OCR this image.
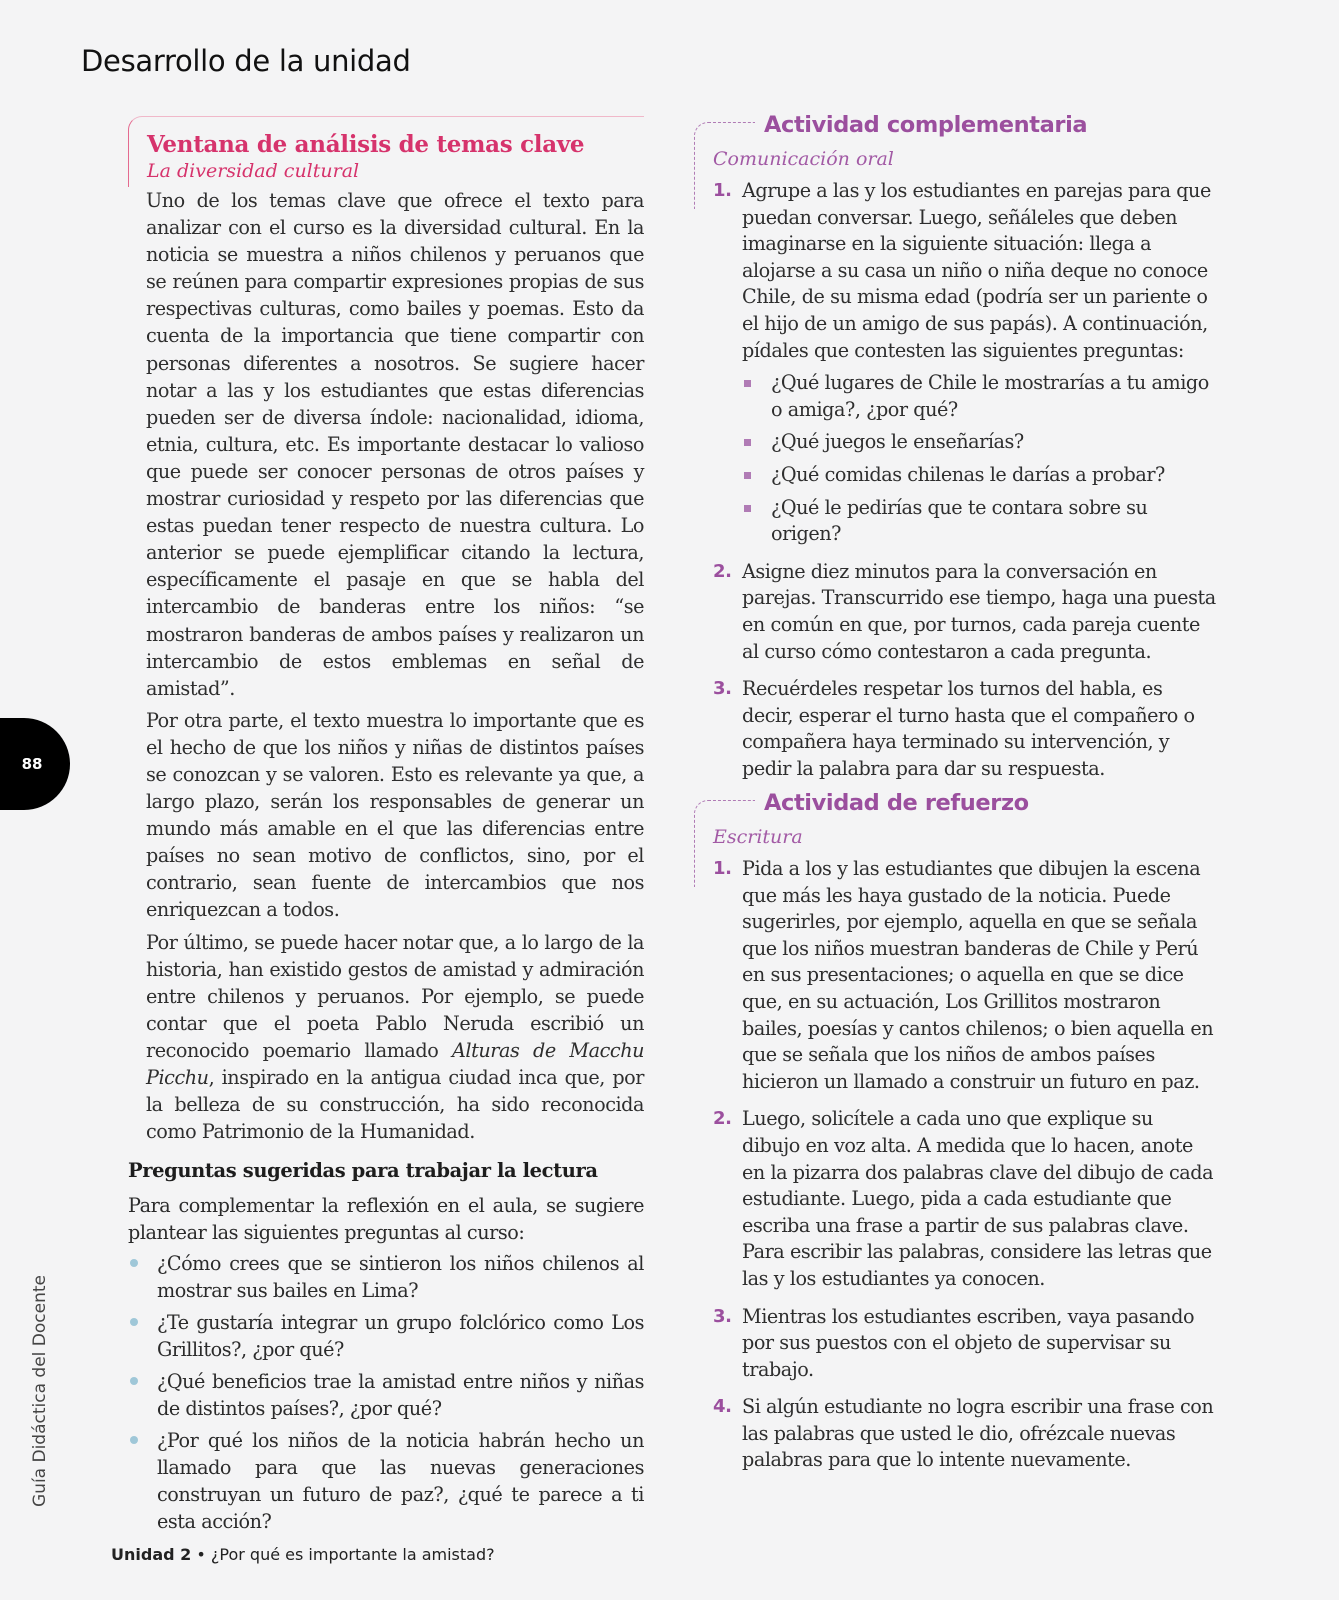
Desarrollo de la unidad
88
Guía Didáctica del Docente
Unidad 2 • ¿Por qué es importante la amistad?
Ventana de análisis de temas clave
La diversidad cultural

Uno de los temas clave que ofrece el texto para analizar con el curso es la diversidad cultural. En la noticia se muestra a niños chilenos y peruanos que se reúnen para compartir expresiones propias de sus respectivas culturas, como bailes y poemas. Esto da cuenta de la importancia que tiene compartir con personas diferentes a nosotros. Se sugiere hacer notar a las y los estudiantes que estas diferencias pueden ser de diversa índole: nacionalidad, idioma, etnia, cultura, etc. Es importante destacar lo valioso que puede ser conocer personas de otros países y mostrar curiosidad y respeto por las diferencias que estas puedan tener respecto de nuestra cultura. Lo anterior se puede ejemplificar citando la lectura, específicamente el pasaje en que se habla del intercambio de banderas entre los niños: “se mostraron banderas de ambos países y realizaron un intercambio de estos emblemas en señal de amistad”.

Por otra parte, el texto muestra lo importante que es el hecho de que los niños y niñas de distintos países se conozcan y se valoren. Esto es relevante ya que, a largo plazo, serán los responsables de generar un mundo más amable en el que las diferencias entre países no sean motivo de conflictos, sino, por el contrario, sean fuente de intercambios que nos enriquezcan a todos.

Por último, se puede hacer notar que, a lo largo de la historia, han existido gestos de amistad y admiración entre chilenos y peruanos. Por ejemplo, se puede contar que el poeta Pablo Neruda escribió un reconocido poemario llamado Alturas de Macchu Picchu, inspirado en la antigua ciudad inca que, por la belleza de su construcción, ha sido reconocida como Patrimonio de la Humanidad.

Preguntas sugeridas para trabajar la lectura
Para complementar la reflexión en el aula, se sugiere plantear las siguientes preguntas al curso:
¿Cómo crees que se sintieron los niños chilenos al mostrar sus bailes en Lima?
¿Te gustaría integrar un grupo folclórico como Los Grillitos?, ¿por qué?
¿Qué beneficios trae la amistad entre niños y niñas de distintos países?, ¿por qué?
¿Por qué los niños de la noticia habrán hecho un llamado para que las nuevas generaciones construyan un futuro de paz?, ¿qué te parece a ti esta acción?
Actividad complementaria
Comunicación oral
1. Agrupe a las y los estudiantes en parejas para que puedan conversar. Luego, señáleles que deben imaginarse en la siguiente situación: llega a alojarse a su casa un niño o niña deque no conoce Chile, de su misma edad (podría ser un pariente o el hijo de un amigo de sus papás). A continuación, pídales que contesten las siguientes preguntas:
¿Qué lugares de Chile le mostrarías a tu amigo o amiga?, ¿por qué?
¿Qué juegos le enseñarías?
¿Qué comidas chilenas le darías a probar?
¿Qué le pedirías que te contara sobre su origen?
2. Asigne diez minutos para la conversación en parejas. Transcurrido ese tiempo, haga una puesta en común en que, por turnos, cada pareja cuente al curso cómo contestaron a cada pregunta.
3. Recuérdeles respetar los turnos del habla, es decir, esperar el turno hasta que el compañero o compañera haya terminado su intervención, y pedir la palabra para dar su respuesta.
Actividad de refuerzo
Escritura
1. Pida a los y las estudiantes que dibujen la escena que más les haya gustado de la noticia. Puede sugerirles, por ejemplo, aquella en que se señala que los niños muestran banderas de Chile y Perú en sus presentaciones; o aquella en que se dice que, en su actuación, Los Grillitos mostraron bailes, poesías y cantos chilenos; o bien aquella en que se señala que los niños de ambos países hicieron un llamado a construir un futuro en paz.
2. Luego, solicítele a cada uno que explique su dibujo en voz alta. A medida que lo hacen, anote en la pizarra dos palabras clave del dibujo de cada estudiante. Luego, pida a cada estudiante que escriba una frase a partir de sus palabras clave. Para escribir las palabras, considere las letras que las y los estudiantes ya conocen.
3. Mientras los estudiantes escriben, vaya pasando por sus puestos con el objeto de supervisar su trabajo.
4. Si algún estudiante no logra escribir una frase con las palabras que usted le dio, ofrézcale nuevas palabras para que lo intente nuevamente.
